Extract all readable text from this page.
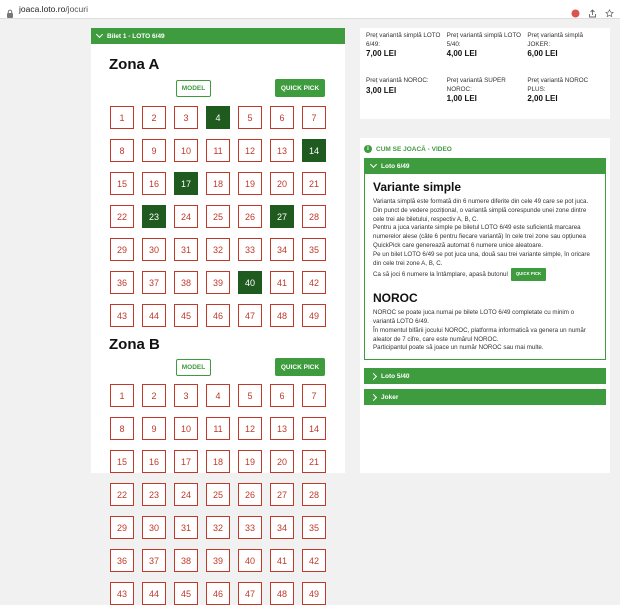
joaca.loto.ro/jocuri
Bilet 1 - LOTO 6/49
Zona A
MODEL	QUICK PICK
1	2	3	4	5	6	7
8	9	10	11	12	13	14
15	16	17	18	19	20	21
22	23	24	25	26	27	28
29	30	31	32	33	34	35
36	37	38	39	40	41	42
43	44	45	46	47	48	49
Zona B
MODEL	QUICK PICK
1	2	3	4	5	6	7
8	9	10	11	12	13	14
15	16	17	18	19	20	21
22	23	24	25	26	27	28
29	30	31	32	33	34	35
36	37	38	39	40	41	42
43	44	45	46	47	48	49
Preț variantă simplă LOTO 6/49:
7,00 LEI
Preț variantă simplă LOTO 5/40:
4,00 LEI
Preț variantă simplă JOKER:
6,00 LEI
Preț variantă NOROC:
3,00 LEI
Preț variantă SUPER NOROC:
1,00 LEI
Preț variantă NOROC PLUS:
2,00 LEI
i	CUM SE JOACĂ - VIDEO
Loto 6/49
Variante simple

Varianta simplă este formată din 6 numere diferite din cele 49 care se pot juca. Din punct de vedere pozițional, o variantă simplă corespunde unei zone dintre cele trei ale biletului, respectiv A, B, C.

Pentru a juca variante simple pe biletul LOTO 6/49 este suficientă marcarea numerelor alese (câte 6 pentru fiecare variantă) în cele trei zone sau opțiunea QuickPick care generează automat 6 numere unice aleatoare.

Pe un bilet LOTO 6/49 se pot juca una, două sau trei variante simple, în oricare din cele trei zone A, B, C.

Ca să joci 6 numere la întâmplare, apasă butonul QUICK PICK

NOROC

NOROC se poate juca numai pe bilete LOTO 6/49 completate cu minim o variantă LOTO 6/49.

În momentul bifării jocului NOROC, platforma informatică va genera un număr aleator de 7 cifre, care este numărul NOROC.

Participantul poate să joace un număr NOROC sau mai multe.

Loto 5/40
Joker
